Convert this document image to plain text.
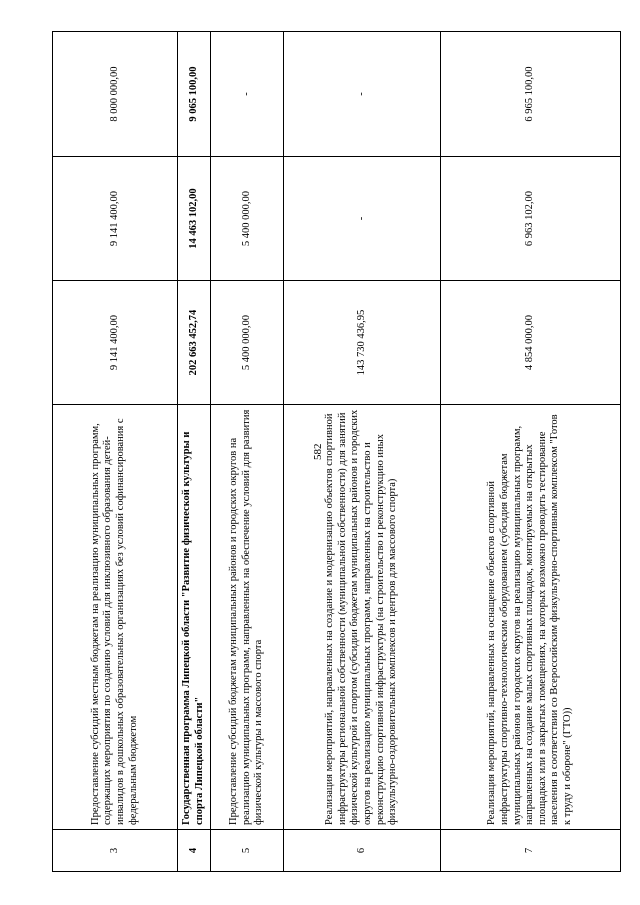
582
3	Предоставление субсидий местным бюджетам на реализацию муниципальных программ, содержащих мероприятия по созданию условий для инклюзивного образования детей-инвалидов в дошкольных образовательных организациях без условий софинансирования с федеральным бюджетом	9 141 400,00	9 141 400,00	8 000 000,00
4	Государственная программа Липецкой области "Развитие физической культуры и спорта Липецкой области"	202 663 452,74	14 463 102,00	9 065 100,00
5	Предоставление субсидий бюджетам муниципальных районов и городских округов на реализацию муниципальных программ, направленных на обеспечение условий для развития физической культуры и массового спорта	5 400 000,00	5 400 000,00	-
6	Реализация мероприятий, направленных на создание и модернизацию объектов спортивной инфраструктуры региональной собственности (муниципальной собственности) для занятий физической культурой и спортом (субсидии бюджетам муниципальных районов и городских округов на реализацию муниципальных программ, направленных на строительство и реконструкцию спортивной инфраструктуры (на строительство и реконструкцию иных физкультурно-оздоровительных комплексов и центров для массового спорта)	143 730 436,95	-	-
7	Реализация мероприятий, направленных на оснащение объектов спортивной инфраструктуры спортивно-технологическим оборудованием (субсидия бюджетам муниципальных районов и городских округов на реализацию муниципальных программ, направленных на создание малых спортивных площадок, монтируемых на открытых площадках или в закрытых помещениях, на которых возможно проводить тестирование населения в соответствии со Всероссийским физкультурно-спортивным комплексом "Готов к труду и обороне" (ГТО))	4 854 000,00	6 963 102,00	6 965 100,00
